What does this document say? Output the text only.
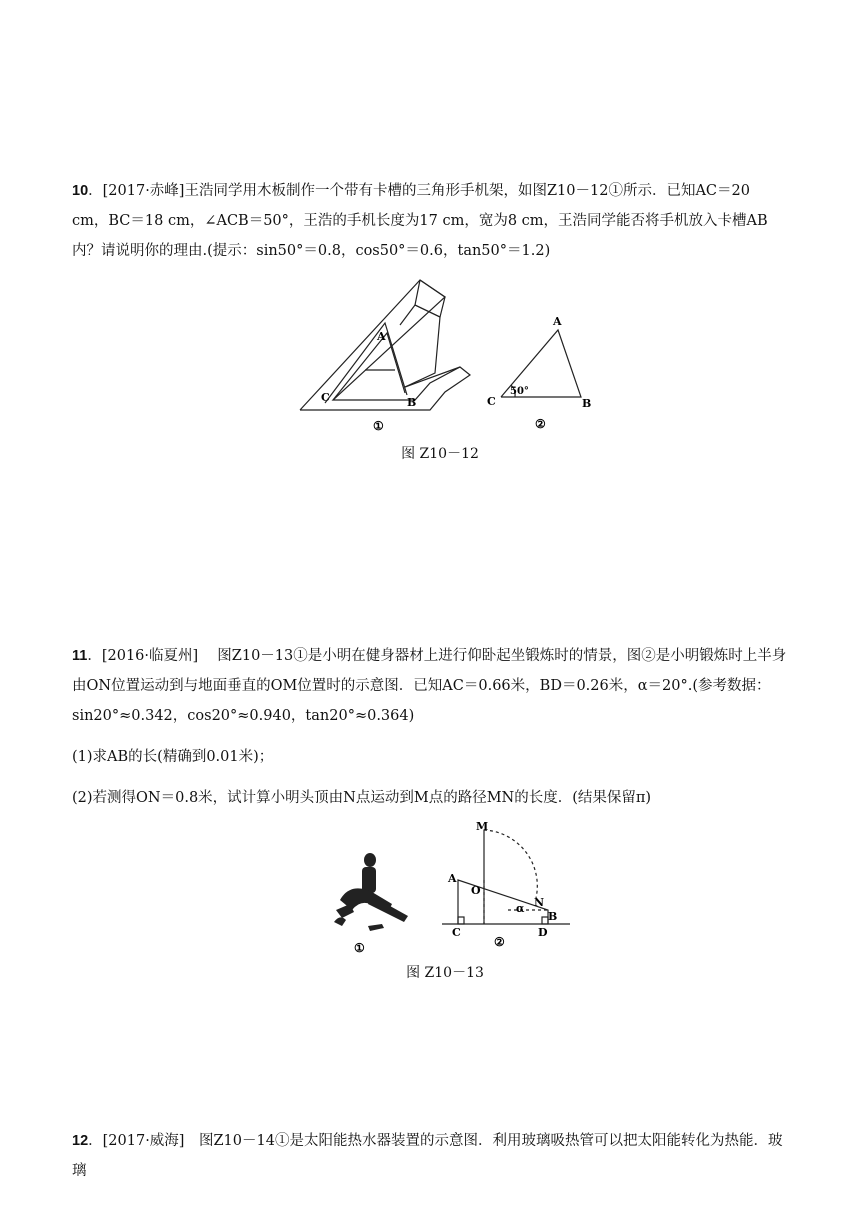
10．[2017·赤峰]王浩同学用木板制作一个带有卡槽的三角形手机架，如图Z10－12①所示．已知AC＝20 cm，BC＝18 cm，∠ACB＝50°，王浩的手机长度为17 cm，宽为8 cm，王浩同学能否将手机放入卡槽AB内？请说明你的理由.(提示：sin50°＝0.8，cos50°＝0.6，tan50°＝1.2)
A
C	B
①
A
C	B
50°
②
图 Z10－12
11．[2016·临夏州]　 图Z10－13①是小明在健身器材上进行仰卧起坐锻炼时的情景，图②是小明锻炼时上半身由ON位置运动到与地面垂直的OM位置时的示意图．已知AC＝0.66米，BD＝0.26米，α＝20°.(参考数据：sin20°≈0.342，cos20°≈0.940，tan20°≈0.364)
(1)求AB的长(精确到0.01米)；
(2)若测得ON＝0.8米，试计算小明头顶由N点运动到M点的路径MN的长度．(结果保留π)
①
M
A
O
N
B
C	D
α
②
图 Z10－13
12．[2017·威海]　图Z10－14①是太阳能热水器装置的示意图．利用玻璃吸热管可以把太阳能转化为热能．玻璃
